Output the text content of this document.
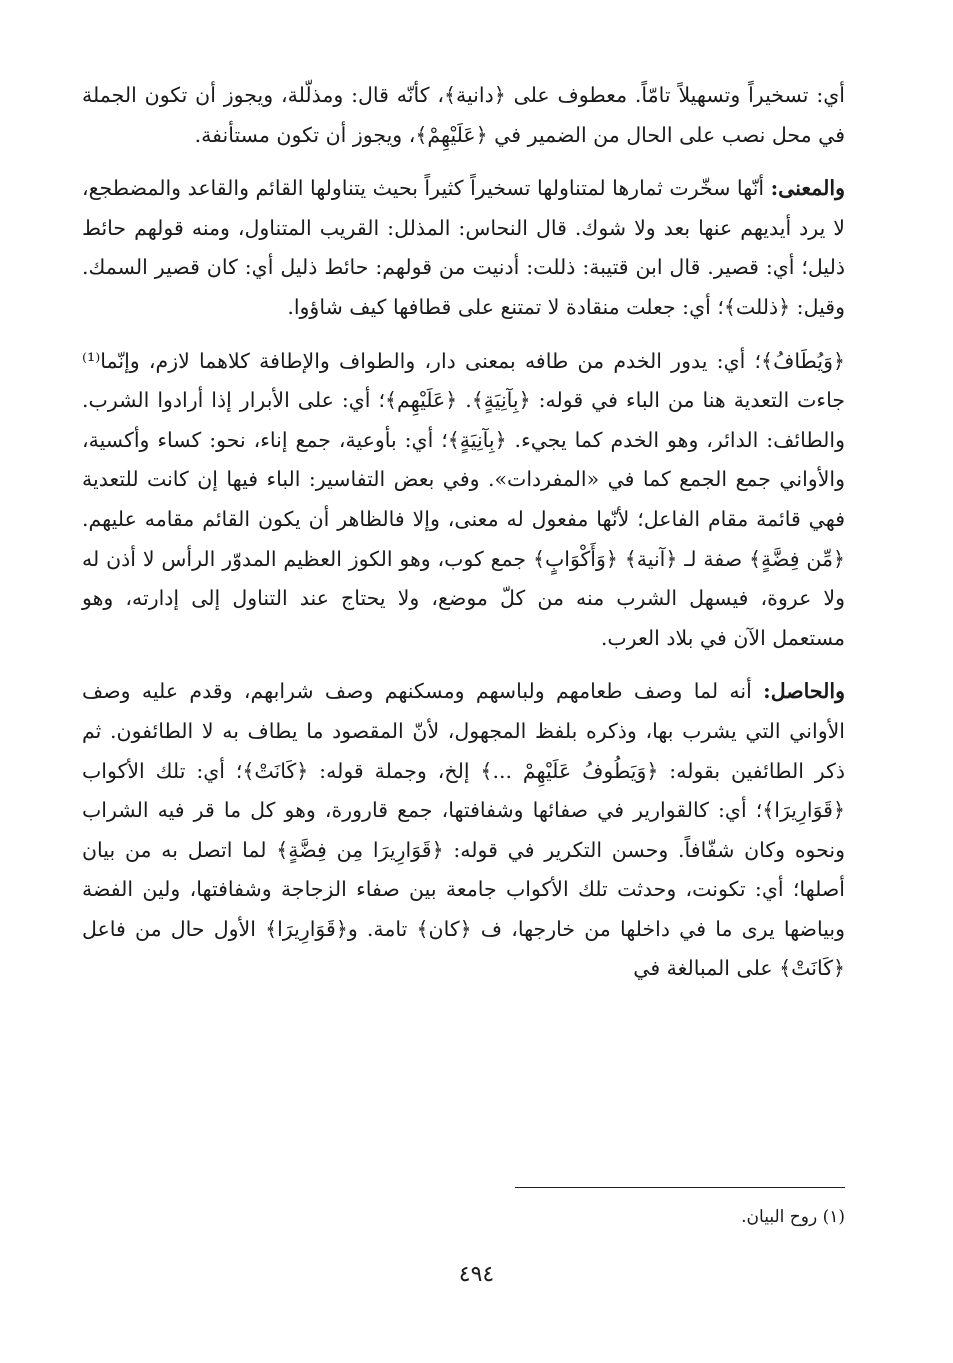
أي: تسخيراً وتسهيلاً تامّاً. معطوف على ﴿دانية﴾، كأنّه قال: ومذلّلة، ويجوز أن تكون الجملة في محل نصب على الحال من الضمير في ﴿عَلَيْهِمْ﴾، ويجوز أن تكون مستأنفة.

والمعنى: أنّها سخّرت ثمارها لمتناولها تسخيراً كثيراً بحيث يتناولها القائم والقاعد والمضطجع، لا يرد أيديهم عنها بعد ولا شوك. قال النحاس: المذلل: القريب المتناول، ومنه قولهم حائط ذليل؛ أي: قصير. قال ابن قتيبة: ذللت: أدنيت من قولهم: حائط ذليل أي: كان قصير السمك. وقيل: ﴿ذللت﴾؛ أي: جعلت منقادة لا تمتنع على قطافها كيف شاؤوا.

﴿وَيُطَافُ﴾؛ أي: يدور الخدم من طافه بمعنى دار، والطواف والإطافة كلاهما لازم، وإنّما⁽¹⁾ جاءت التعدية هنا من الباء في قوله: ﴿بِآنِيَةٍ﴾. ﴿عَلَيْهِم﴾؛ أي: على الأبرار إذا أرادوا الشرب. والطائف: الدائر، وهو الخدم كما يجيء. ﴿بِآنِيَةٍ﴾؛ أي: بأوعية، جمع إناء، نحو: كساء وأكسية، والأواني جمع الجمع كما في «المفردات». وفي بعض التفاسير: الباء فيها إن كانت للتعدية فهي قائمة مقام الفاعل؛ لأنّها مفعول له معنى، وإلا فالظاهر أن يكون القائم مقامه عليهم. ﴿مِّن فِضَّةٍ﴾ صفة لـ ﴿آنية﴾ ﴿وَأَكْوَابٍ﴾ جمع كوب، وهو الكوز العظيم المدوّر الرأس لا أذن له ولا عروة، فيسهل الشرب منه من كلّ موضع، ولا يحتاج عند التناول إلى إدارته، وهو مستعمل الآن في بلاد العرب.

والحاصل: أنه لما وصف طعامهم ولباسهم ومسكنهم وصف شرابهم، وقدم عليه وصف الأواني التي يشرب بها، وذكره بلفظ المجهول، لأنّ المقصود ما يطاف به لا الطائفون. ثم ذكر الطائفين بقوله: ﴿وَيَطُوفُ عَلَيْهِمْ ...﴾ إلخ، وجملة قوله: ﴿كَانَتْ﴾؛ أي: تلك الأكواب ﴿قَوَارِيرَا﴾؛ أي: كالقوارير في صفائها وشفافتها، جمع قارورة، وهو كل ما قر فيه الشراب ونحوه وكان شفّافاً. وحسن التكرير في قوله: ﴿قَوَارِيرَا مِن فِضَّةٍ﴾ لما اتصل به من بيان أصلها؛ أي: تكونت، وحدثت تلك الأكواب جامعة بين صفاء الزجاجة وشفافتها، ولين الفضة وبياضها يرى ما في داخلها من خارجها، ف ﴿كان﴾ تامة. و﴿قَوَارِيرَا﴾ الأول حال من فاعل ﴿كَانَتْ﴾ على المبالغة في

(١) روح البيان.
٤٩٤
